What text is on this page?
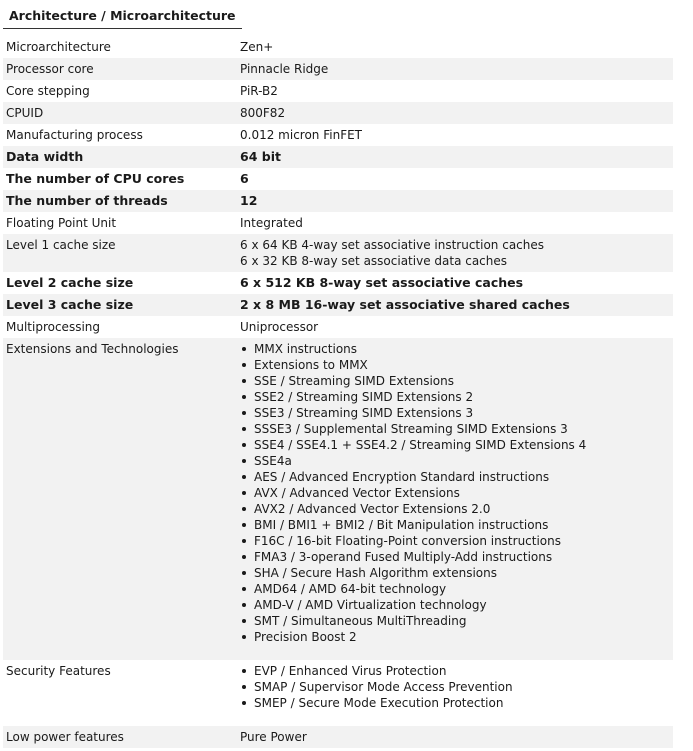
Architecture / Microarchitecture
Microarchitecture	Zen+
Processor core	Pinnacle Ridge
Core stepping	PiR-B2
CPUID	800F82
Manufacturing process	0.012 micron FinFET
Data width	64 bit
The number of CPU cores	6
The number of threads	12
Floating Point Unit	Integrated
Level 1 cache size	6 x 64 KB 4-way set associative instruction caches
6 x 32 KB 8-way set associative data caches
Level 2 cache size	6 x 512 KB 8-way set associative caches
Level 3 cache size	2 x 8 MB 16-way set associative shared caches
Multiprocessing	Uniprocessor
Extensions and Technologies	MMX instructions
Extensions to MMX
SSE / Streaming SIMD Extensions
SSE2 / Streaming SIMD Extensions 2
SSE3 / Streaming SIMD Extensions 3
SSSE3 / Supplemental Streaming SIMD Extensions 3
SSE4 / SSE4.1 + SSE4.2 / Streaming SIMD Extensions 4
SSE4a
AES / Advanced Encryption Standard instructions
AVX / Advanced Vector Extensions
AVX2 / Advanced Vector Extensions 2.0
BMI / BMI1 + BMI2 / Bit Manipulation instructions
F16C / 16-bit Floating-Point conversion instructions
FMA3 / 3-operand Fused Multiply-Add instructions
SHA / Secure Hash Algorithm extensions
AMD64 / AMD 64-bit technology
AMD-V / AMD Virtualization technology
SMT / Simultaneous MultiThreading
Precision Boost 2
Security Features	EVP / Enhanced Virus Protection
SMAP / Supervisor Mode Access Prevention
SMEP / Secure Mode Execution Protection
Low power features	Pure Power
